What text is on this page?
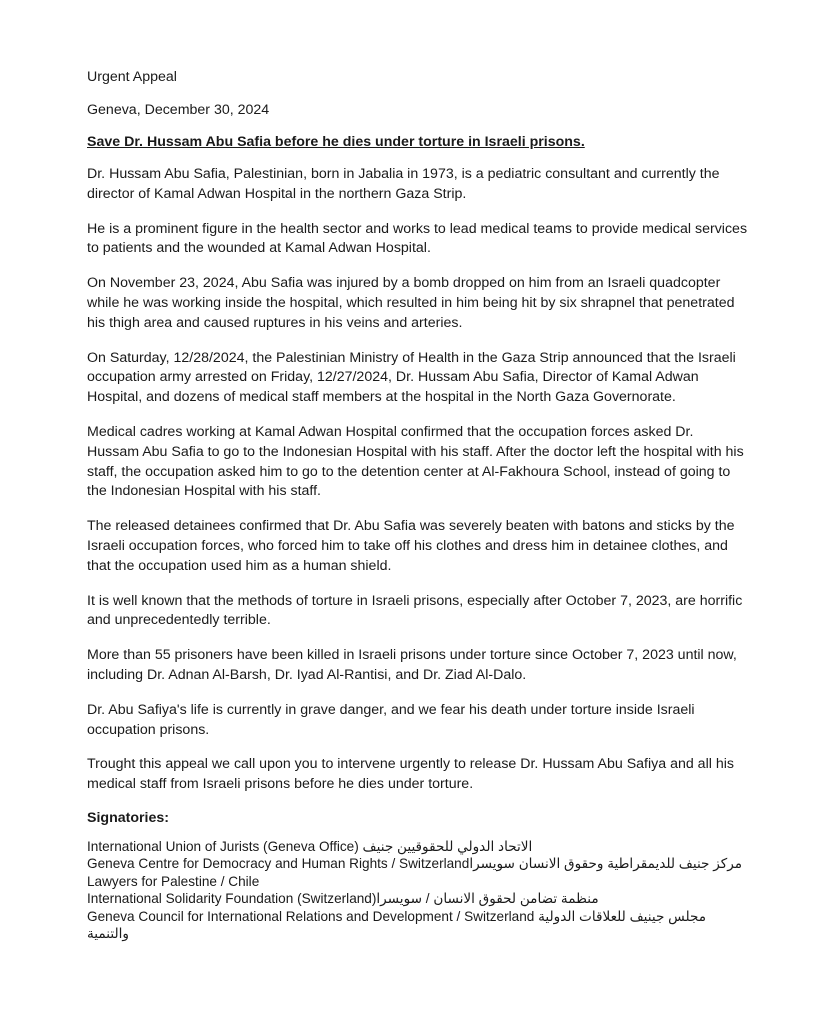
Urgent Appeal

Geneva, December 30, 2024

Save Dr. Hussam Abu Safia before he dies under torture in Israeli prisons.

Dr. Hussam Abu Safia, Palestinian, born in Jabalia in 1973, is a pediatric consultant and currently the director of Kamal Adwan Hospital in the northern Gaza Strip.

He is a prominent figure in the health sector and works to lead medical teams to provide medical services to patients and the wounded at Kamal Adwan Hospital.

On November 23, 2024, Abu Safia was injured by a bomb dropped on him from an Israeli quadcopter while he was working inside the hospital, which resulted in him being hit by six shrapnel that penetrated his thigh area and caused ruptures in his veins and arteries.

On Saturday, 12/28/2024, the Palestinian Ministry of Health in the Gaza Strip announced that the Israeli occupation army arrested on Friday, 12/27/2024, Dr. Hussam Abu Safia, Director of Kamal Adwan Hospital, and dozens of medical staff members at the hospital in the North Gaza Governorate.

Medical cadres working at Kamal Adwan Hospital confirmed that the occupation forces asked Dr. Hussam Abu Safia to go to the Indonesian Hospital with his staff. After the doctor left the hospital with his staff, the occupation asked him to go to the detention center at Al-Fakhoura School, instead of going to the Indonesian Hospital with his staff.

The released detainees confirmed that Dr. Abu Safia was severely beaten with batons and sticks by the Israeli occupation forces, who forced him to take off his clothes and dress him in detainee clothes, and that the occupation used him as a human shield.

It is well known that the methods of torture in Israeli prisons, especially after October 7, 2023, are horrific and unprecedentedly terrible.

More than 55 prisoners have been killed in Israeli prisons under torture since October 7, 2023 until now, including Dr. Adnan Al-Barsh, Dr. Iyad Al-Rantisi, and Dr. Ziad Al-Dalo.

Dr. Abu Safiya's life is currently in grave danger, and we fear his death under torture inside Israeli occupation prisons.

Trought this appeal we call upon you to intervene urgently to release Dr. Hussam Abu Safiya and all his medical staff from Israeli prisons before he dies under torture.

Signatories:

International Union of Jurists (Geneva Office) الاتحاد الدولي للحقوقيين جنيف

Geneva Centre for Democracy and Human Rights / Switzerlandمركز جنيف للديمقراطية وحقوق الانسان سويسرا

Lawyers for Palestine / Chile

International Solidarity Foundation (Switzerland)منظمة تضامن لحقوق الانسان / سويسرا

Geneva Council for International Relations and Development / Switzerland مجلس جينيف للعلاقات الدولية والتنمية
